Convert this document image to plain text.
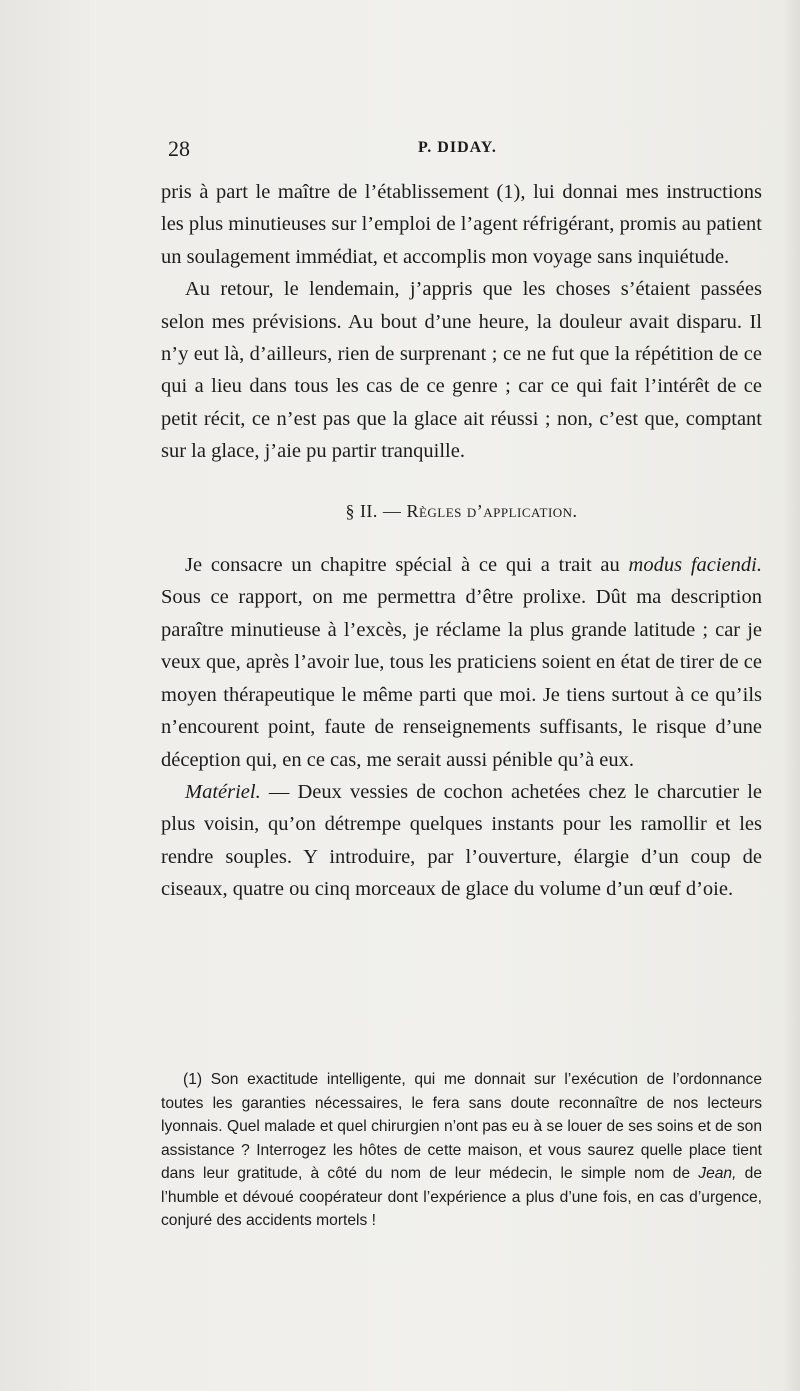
28	P. DIDAY.

pris à part le maître de l’établissement (1), lui donnai mes instructions les plus minutieuses sur l’emploi de l’agent réfrigérant, promis au patient un soulagement immédiat, et accomplis mon voyage sans inquiétude.

Au retour, le lendemain, j’appris que les choses s’étaient passées selon mes prévisions. Au bout d’une heure, la douleur avait disparu. Il n’y eut là, d’ailleurs, rien de surprenant ; ce ne fut que la répétition de ce qui a lieu dans tous les cas de ce genre ; car ce qui fait l’intérêt de ce petit récit, ce n’est pas que la glace ait réussi ; non, c’est que, comptant sur la glace, j’aie pu partir tranquille.

§ II. — Règles d’application.

Je consacre un chapitre spécial à ce qui a trait au modus faciendi. Sous ce rapport, on me permettra d’être prolixe. Dût ma description paraître minutieuse à l’excès, je réclame la plus grande latitude ; car je veux que, après l’avoir lue, tous les praticiens soient en état de tirer de ce moyen thérapeutique le même parti que moi. Je tiens surtout à ce qu’ils n’encourent point, faute de renseignements suffisants, le risque d’une déception qui, en ce cas, me serait aussi pénible qu’à eux.

Matériel. — Deux vessies de cochon achetées chez le charcutier le plus voisin, qu’on détrempe quelques instants pour les ramollir et les rendre souples. Y introduire, par l’ouverture, élargie d’un coup de ciseaux, quatre ou cinq morceaux de glace du volume d’un œuf d’oie.

(1) Son exactitude intelligente, qui me donnait sur l’exécution de l’ordonnance toutes les garanties nécessaires, le fera sans doute reconnaître de nos lecteurs lyonnais. Quel malade et quel chirurgien n’ont pas eu à se louer de ses soins et de son assistance ? Interrogez les hôtes de cette maison, et vous saurez quelle place tient dans leur gratitude, à côté du nom de leur médecin, le simple nom de Jean, de l’humble et dévoué coopérateur dont l’expérience a plus d’une fois, en cas d’urgence, conjuré des accidents mortels !
